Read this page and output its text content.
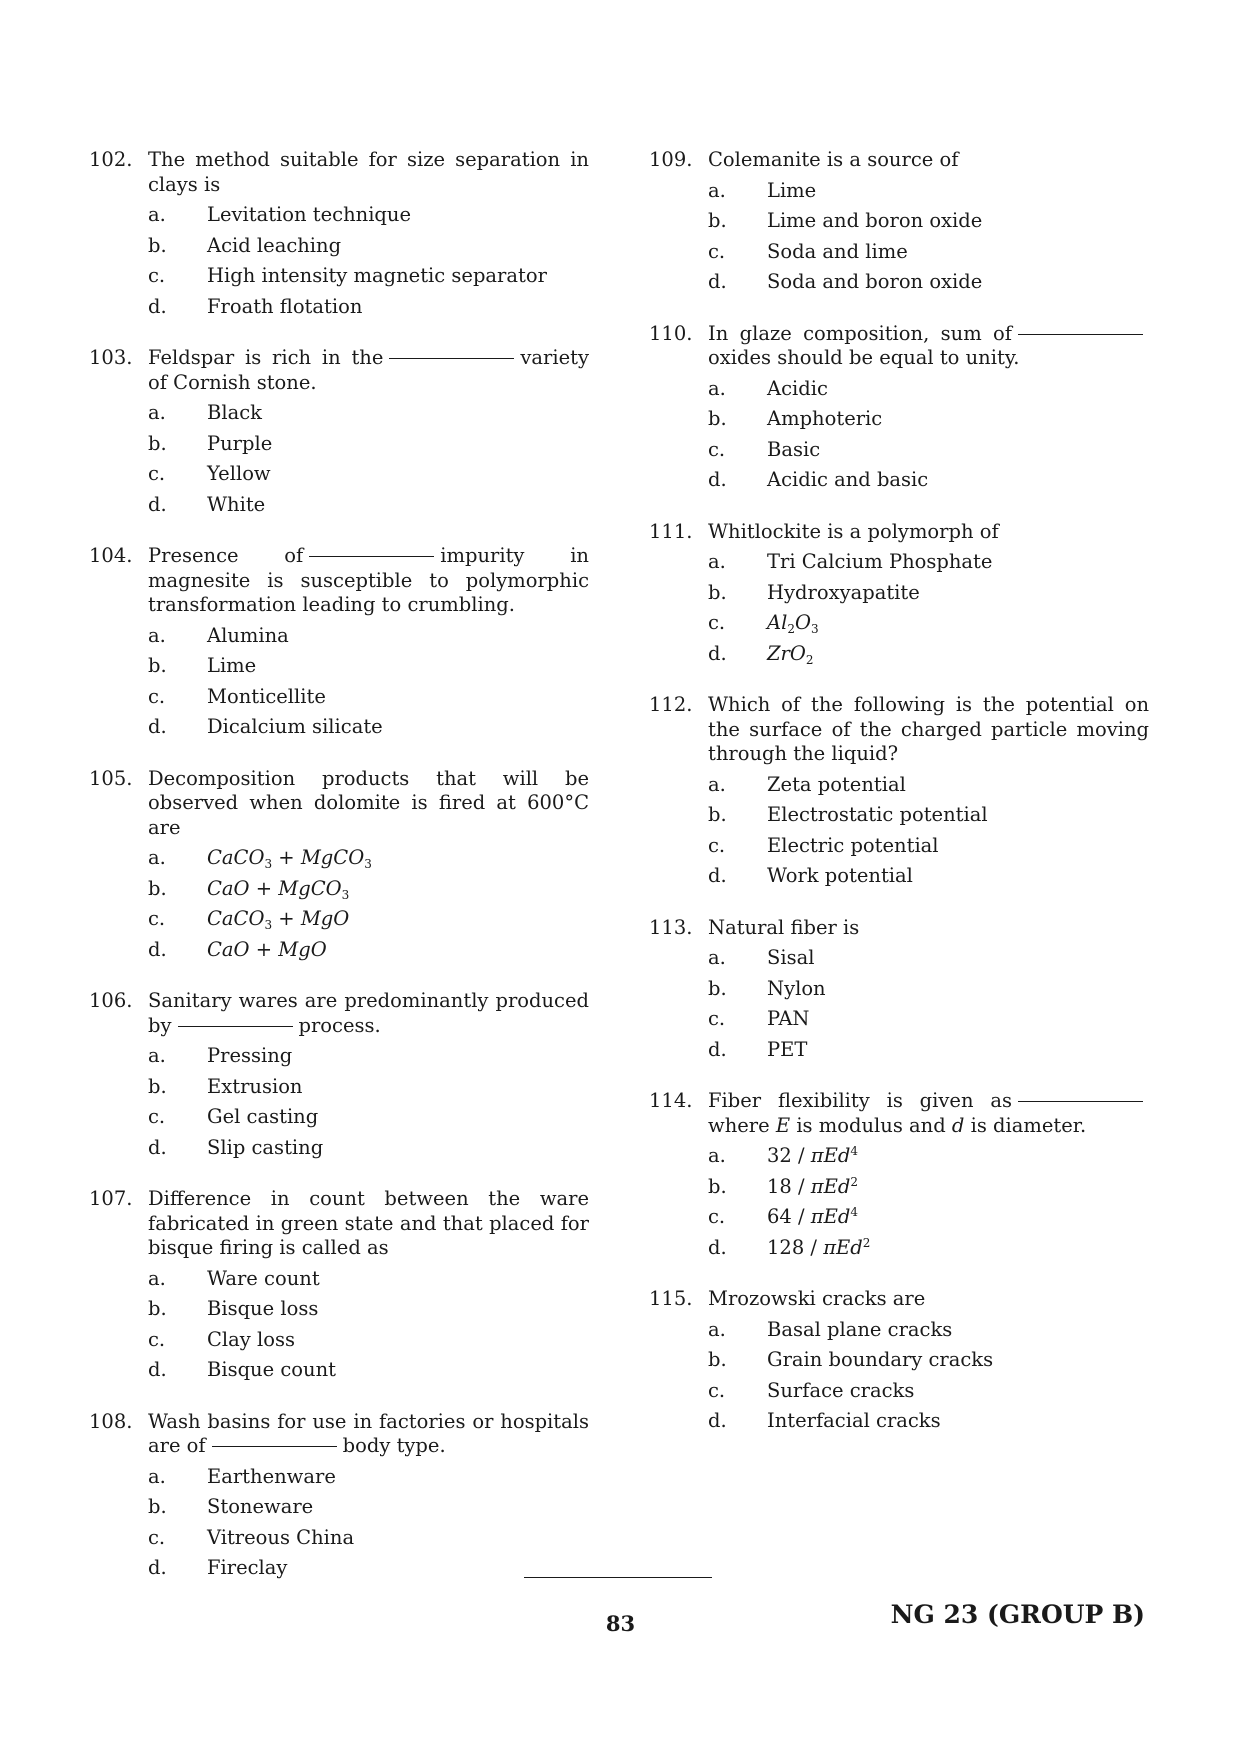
102. The method suitable for size separation in clays is
a.	Levitation technique
b.	Acid leaching
c.	High intensity magnetic separator
d.	Froath flotation
103. Feldspar is rich in the	variety of Cornish stone.
a.	Black
b.	Purple
c.	Yellow
d.	White
104. Presence of	impurity in magnesite is susceptible to polymorphic transformation leading to crumbling.
a.	Alumina
b.	Lime
c.	Monticellite
d.	Dicalcium silicate
105. Decomposition products that will be observed when dolomite is fired at 600°C are
a.	CaCO$_3$ + MgCO$_3$
b.	CaO + MgCO$_3$
c.	CaCO$_3$ + MgO
d.	CaO + MgO
106. Sanitary wares are predominantly produced by	process.
a.	Pressing
b.	Extrusion
c.	Gel casting
d.	Slip casting
107. Difference in count between the ware fabricated in green state and that placed for bisque firing is called as
a.	Ware count
b.	Bisque loss
c.	Clay loss
d.	Bisque count
108. Wash basins for use in factories or hospitals are of	body type.
a.	Earthenware
b.	Stoneware
c.	Vitreous China
d.	Fireclay
109. Colemanite is a source of
a.	Lime
b.	Lime and boron oxide
c.	Soda and lime
d.	Soda and boron oxide
110. In glaze composition, sum ofoxides should be equal to unity.
a.	Acidic
b.	Amphoteric
c.	Basic
d.	Acidic and basic
111. Whitlockite is a polymorph of
a.	Tri Calcium Phosphate
b.	Hydroxyapatite
c.	$Al_2O_3$
d.	ZrO$_2$
112. Which of the following is the potential on the surface of the charged particle moving through the liquid?
a.	Zeta potential
b.	Electrostatic potential
c.	Electric potential
d.	Work potential
113. Natural fiber is
a.	Sisal
b.	Nylon
c.	PAN
d.	PET
114. Fiber flexibility is given aswhere E is modulus and d is diameter.
a.	32 / πEd$^4$
b.	18 / πEd$^2$
c.	64 / πEd$^4$
d.	128 / πEd$^2$
115. Mrozowski cracks are
a.	Basal plane cracks
b.	Grain boundary cracks
c.	Surface cracks
d.	Interfacial cracks
83	NG 23 (GROUP B)
